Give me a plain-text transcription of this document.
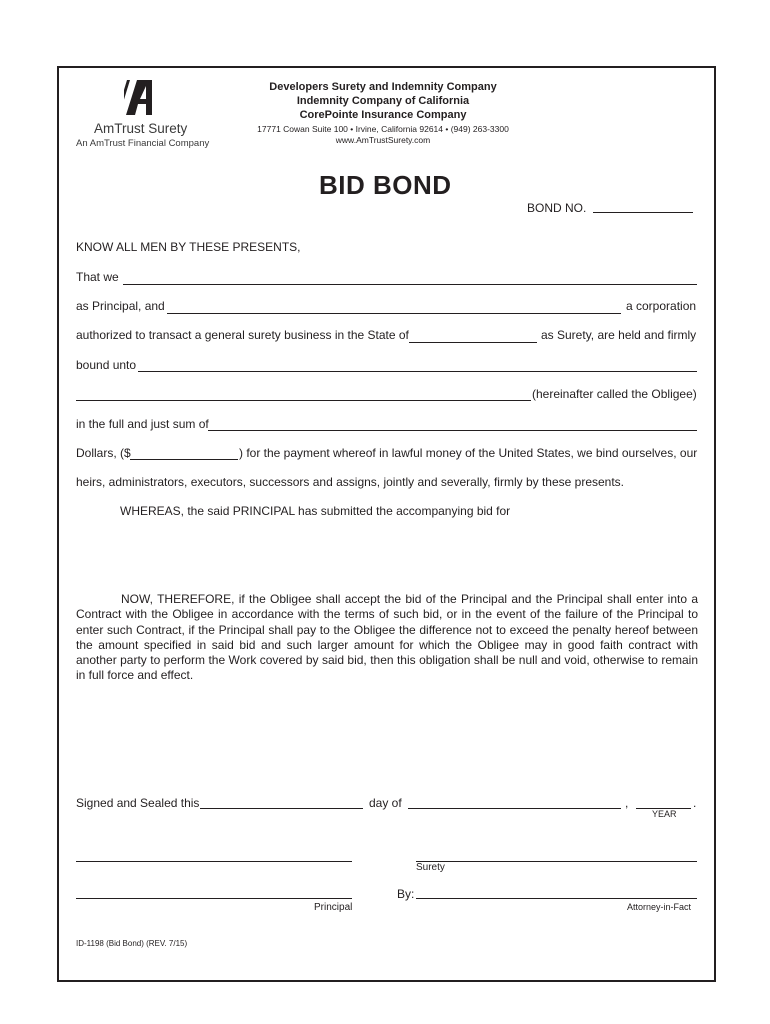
AmTrust Surety
An AmTrust Financial Company
Developers Surety and Indemnity Company
Indemnity Company of California
CorePointe Insurance Company
17771 Cowan Suite 100 • Irvine, California 92614 • (949) 263-3300
www.AmTrustSurety.com
BID BOND
BOND NO.
KNOW ALL MEN BY THESE PRESENTS,
That we
as Principal, and	a corporation
authorized to transact a general surety business in the State of	as Surety, are held and firmly
bound unto
(hereinafter called the Obligee)
in the full and just sum of
Dollars, ($	) for the payment whereof in lawful money of the United States, we bind ourselves, our
heirs, administrators, executors, successors and assigns, jointly and severally, firmly by these presents.
WHEREAS, the said PRINCIPAL has submitted the accompanying bid for
NOW, THEREFORE, if the Obligee shall accept the bid of the Principal and the Principal shall enter into a Contract with the Obligee in accordance with the terms of such bid, or in the event of the failure of the Principal to enter such Contract, if the Principal shall pay to the Obligee the difference not to exceed the penalty hereof between the amount specified in said bid and such larger amount for which the Obligee may in good faith contract with another party to perform the Work covered by said bid, then this obligation shall be null and void, otherwise to remain in full force and effect.
Signed and Sealed this	day of	,	.
YEAR
Surety
By:
Principal	Attorney-in-Fact
ID-1198 (Bid Bond) (REV. 7/15)
